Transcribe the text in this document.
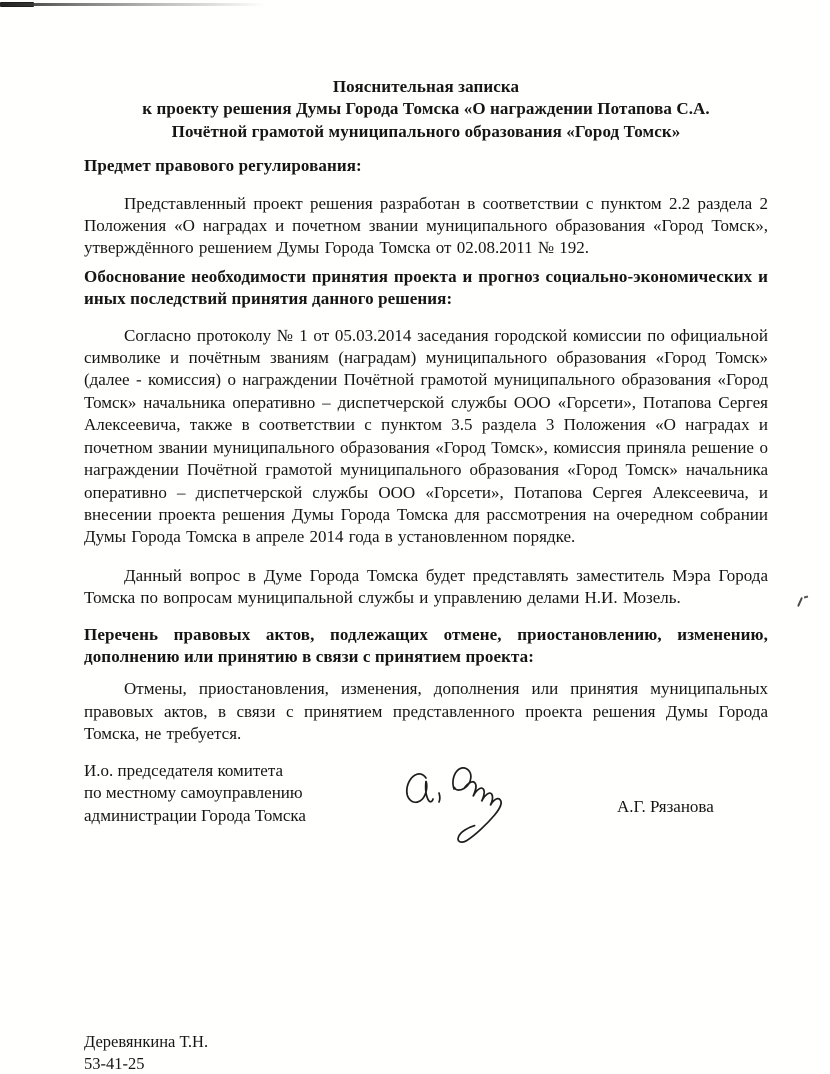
Пояснительная записка
к проекту решения Думы Города Томска «О награждении Потапова С.А.
Почётной грамотой муниципального образования «Город Томск»
Предмет правового регулирования:

Представленный проект решения разработан в соответствии с пунктом 2.2 раздела 2 Положения «О наградах и почетном звании муниципального образования «Город Томск», утверждённого решением Думы Города Томска от 02.08.2011 № 192.

Обоснование необходимости принятия проекта и прогноз социально-экономических и иных последствий принятия данного решения:

Согласно протоколу № 1 от 05.03.2014 заседания городской комиссии по официальной символике и почётным званиям (наградам) муниципального образования «Город Томск» (далее - комиссия) о награждении Почётной грамотой муниципального образования «Город Томск» начальника оперативно – диспетчерской службы ООО «Горсети», Потапова Сергея Алексеевича, также в соответствии с пунктом 3.5 раздела 3 Положения «О наградах и почетном звании муниципального образования «Город Томск», комиссия приняла решение о награждении Почётной грамотой муниципального образования «Город Томск» начальника оперативно – диспетчерской службы ООО «Горсети», Потапова Сергея Алексеевича, и внесении проекта решения Думы Города Томска для рассмотрения на очередном собрании Думы Города Томска в апреле 2014 года в установленном порядке.

Данный вопрос в Думе Города Томска будет представлять заместитель Мэра Города Томска по вопросам муниципальной службы и управлению делами Н.И. Мозель.

Перечень правовых актов, подлежащих отмене, приостановлению, изменению, дополнению или принятию в связи с принятием проекта:

Отмены, приостановления, изменения, дополнения или принятия муниципальных правовых актов, в связи с принятием представленного проекта решения Думы Города Томска, не требуется.

И.о. председателя комитета
по местному самоуправлению
администрации Города Томска	А.Г. Рязанова
Деревянкина Т.Н.
53-41-25
